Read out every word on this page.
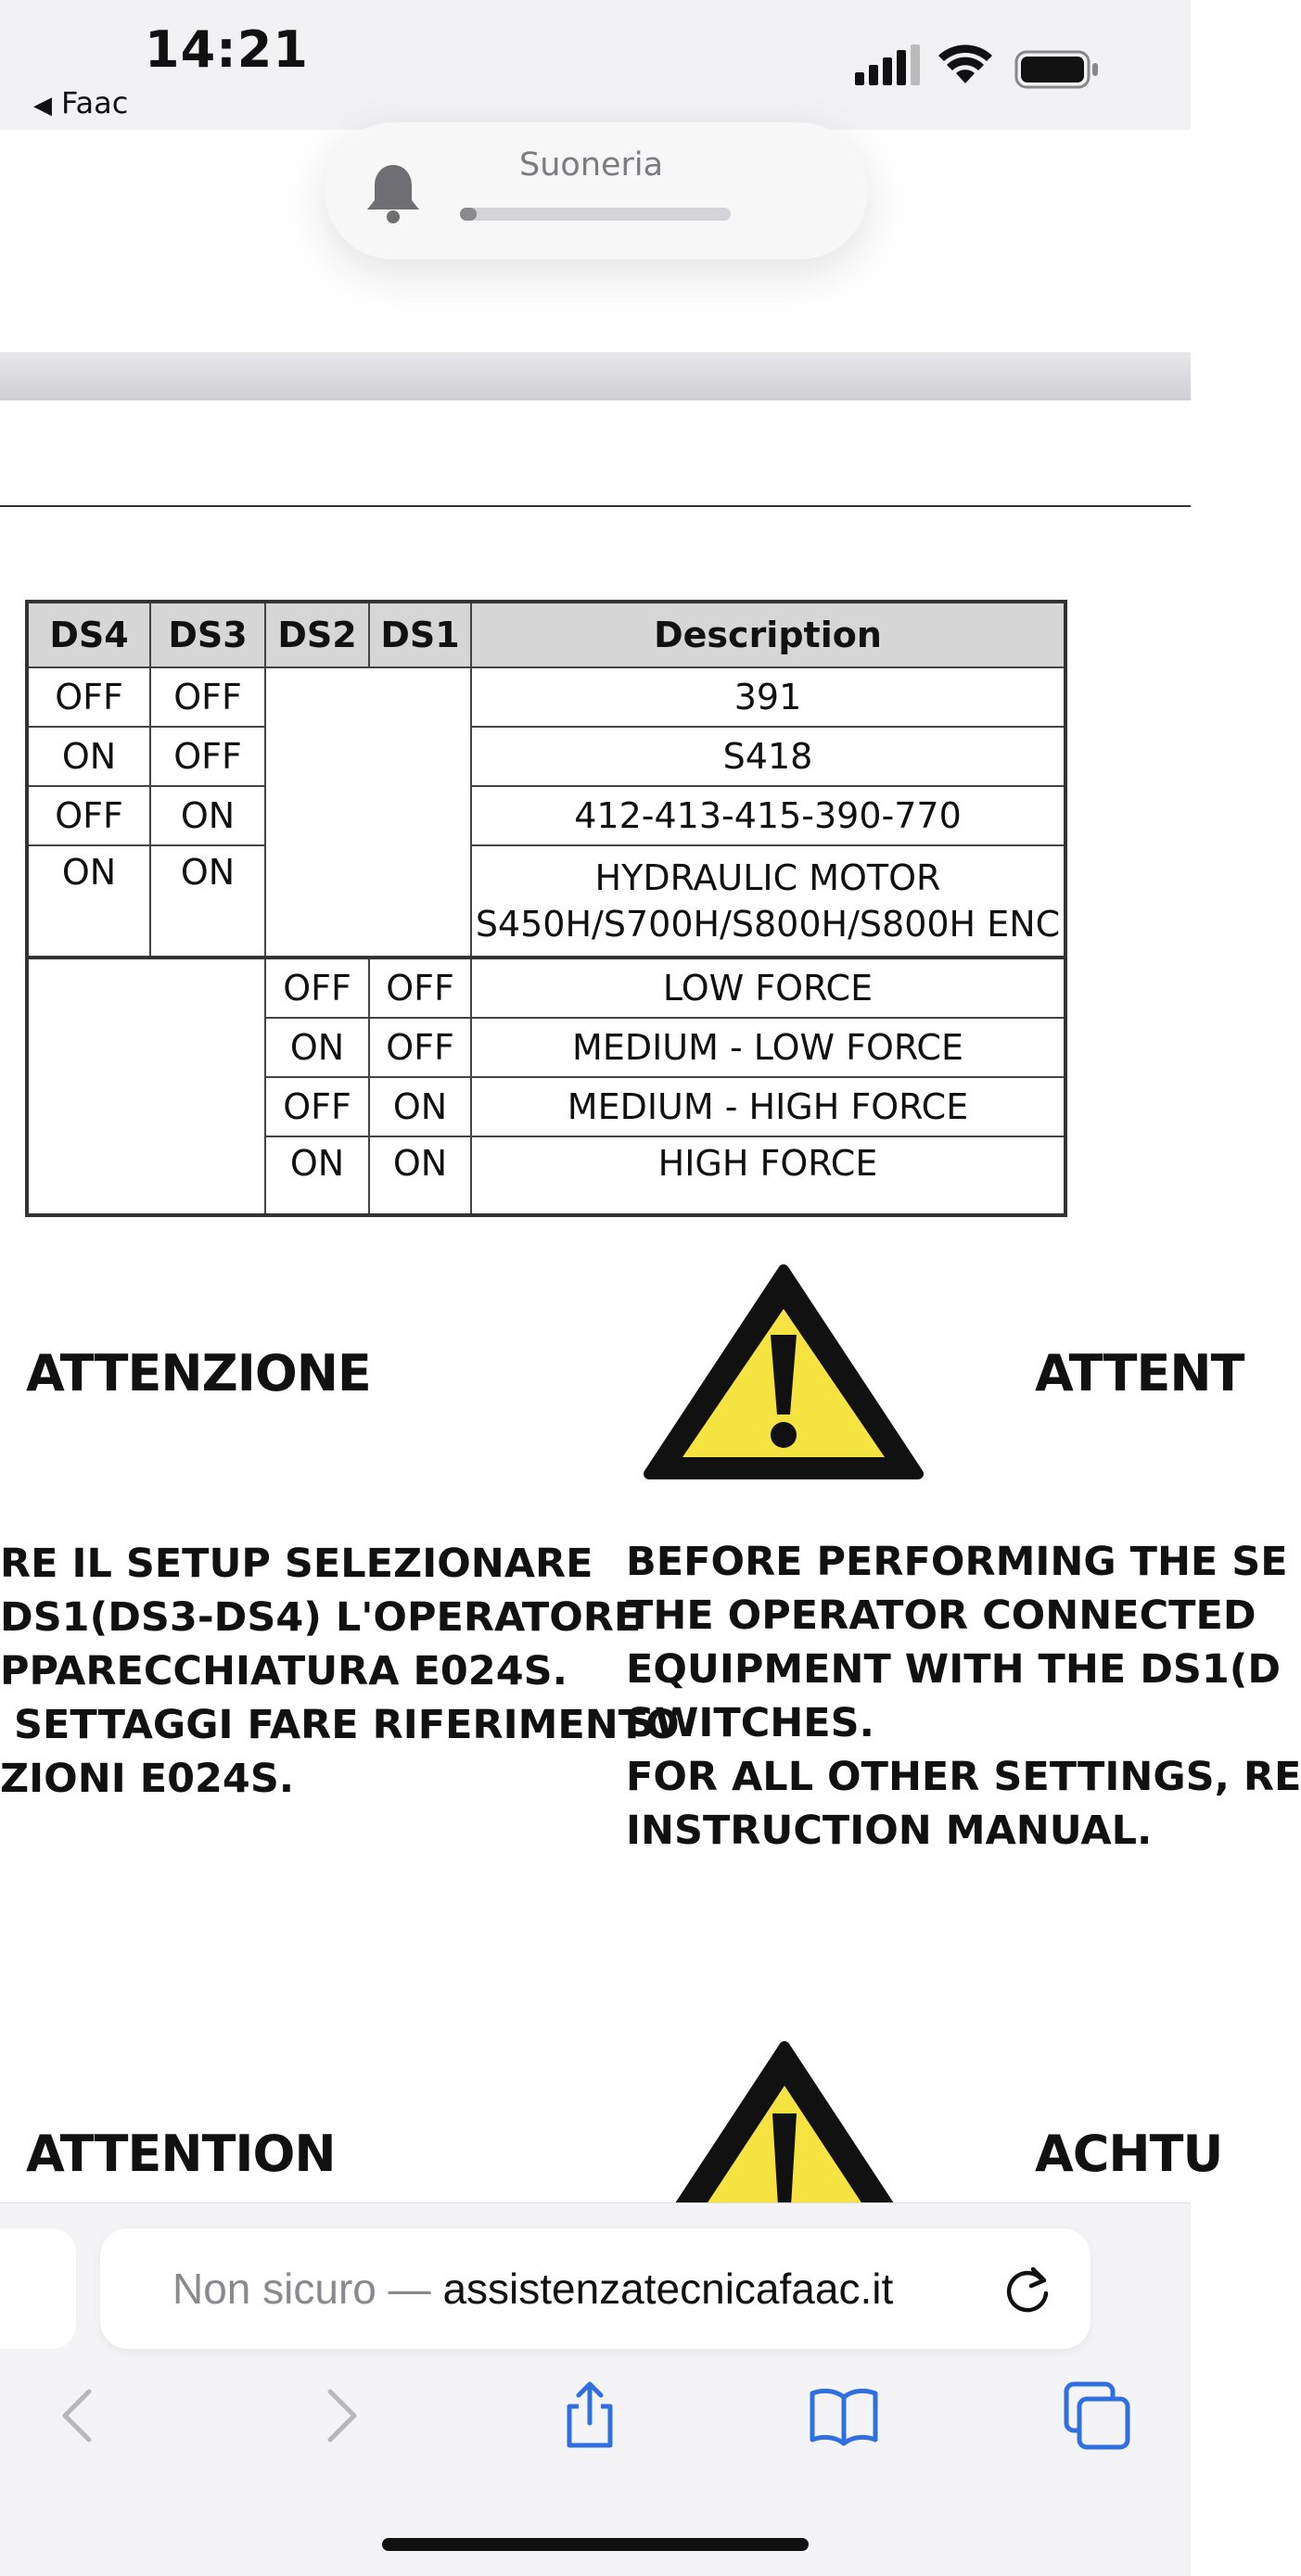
14:21
◀ Faac
Suoneria
DS4	DS3	DS2	DS1	Description
OFF	OFF			391
ON	OFF			S418
OFF	ON			412-413-415-390-770
ON	ON			HYDRAULIC MOTOR
S450H/S700H/S800H/S800H ENC

		OFF	OFF	LOW FORCE
		ON	OFF	MEDIUM - LOW FORCE
		OFF	ON	MEDIUM - HIGH FORCE
		ON	ON	HIGH FORCE
ATTENZIONE	ATTENT
RE IL SETUP SELEZIONARE
DS1(DS3-DS4) L'OPERATORE
PPARECCHIATURA E024S.
SETTAGGI FARE RIFERIMENTO
ZIONI E024S.
BEFORE PERFORMING THE SE
THE OPERATOR CONNECTED
EQUIPMENT WITH THE DS1(D
SWITCHES.
FOR ALL OTHER SETTINGS, RE
INSTRUCTION MANUAL.
ATTENTION	ACHTU
Non sicuro — assistenzatecnicafaac.it
